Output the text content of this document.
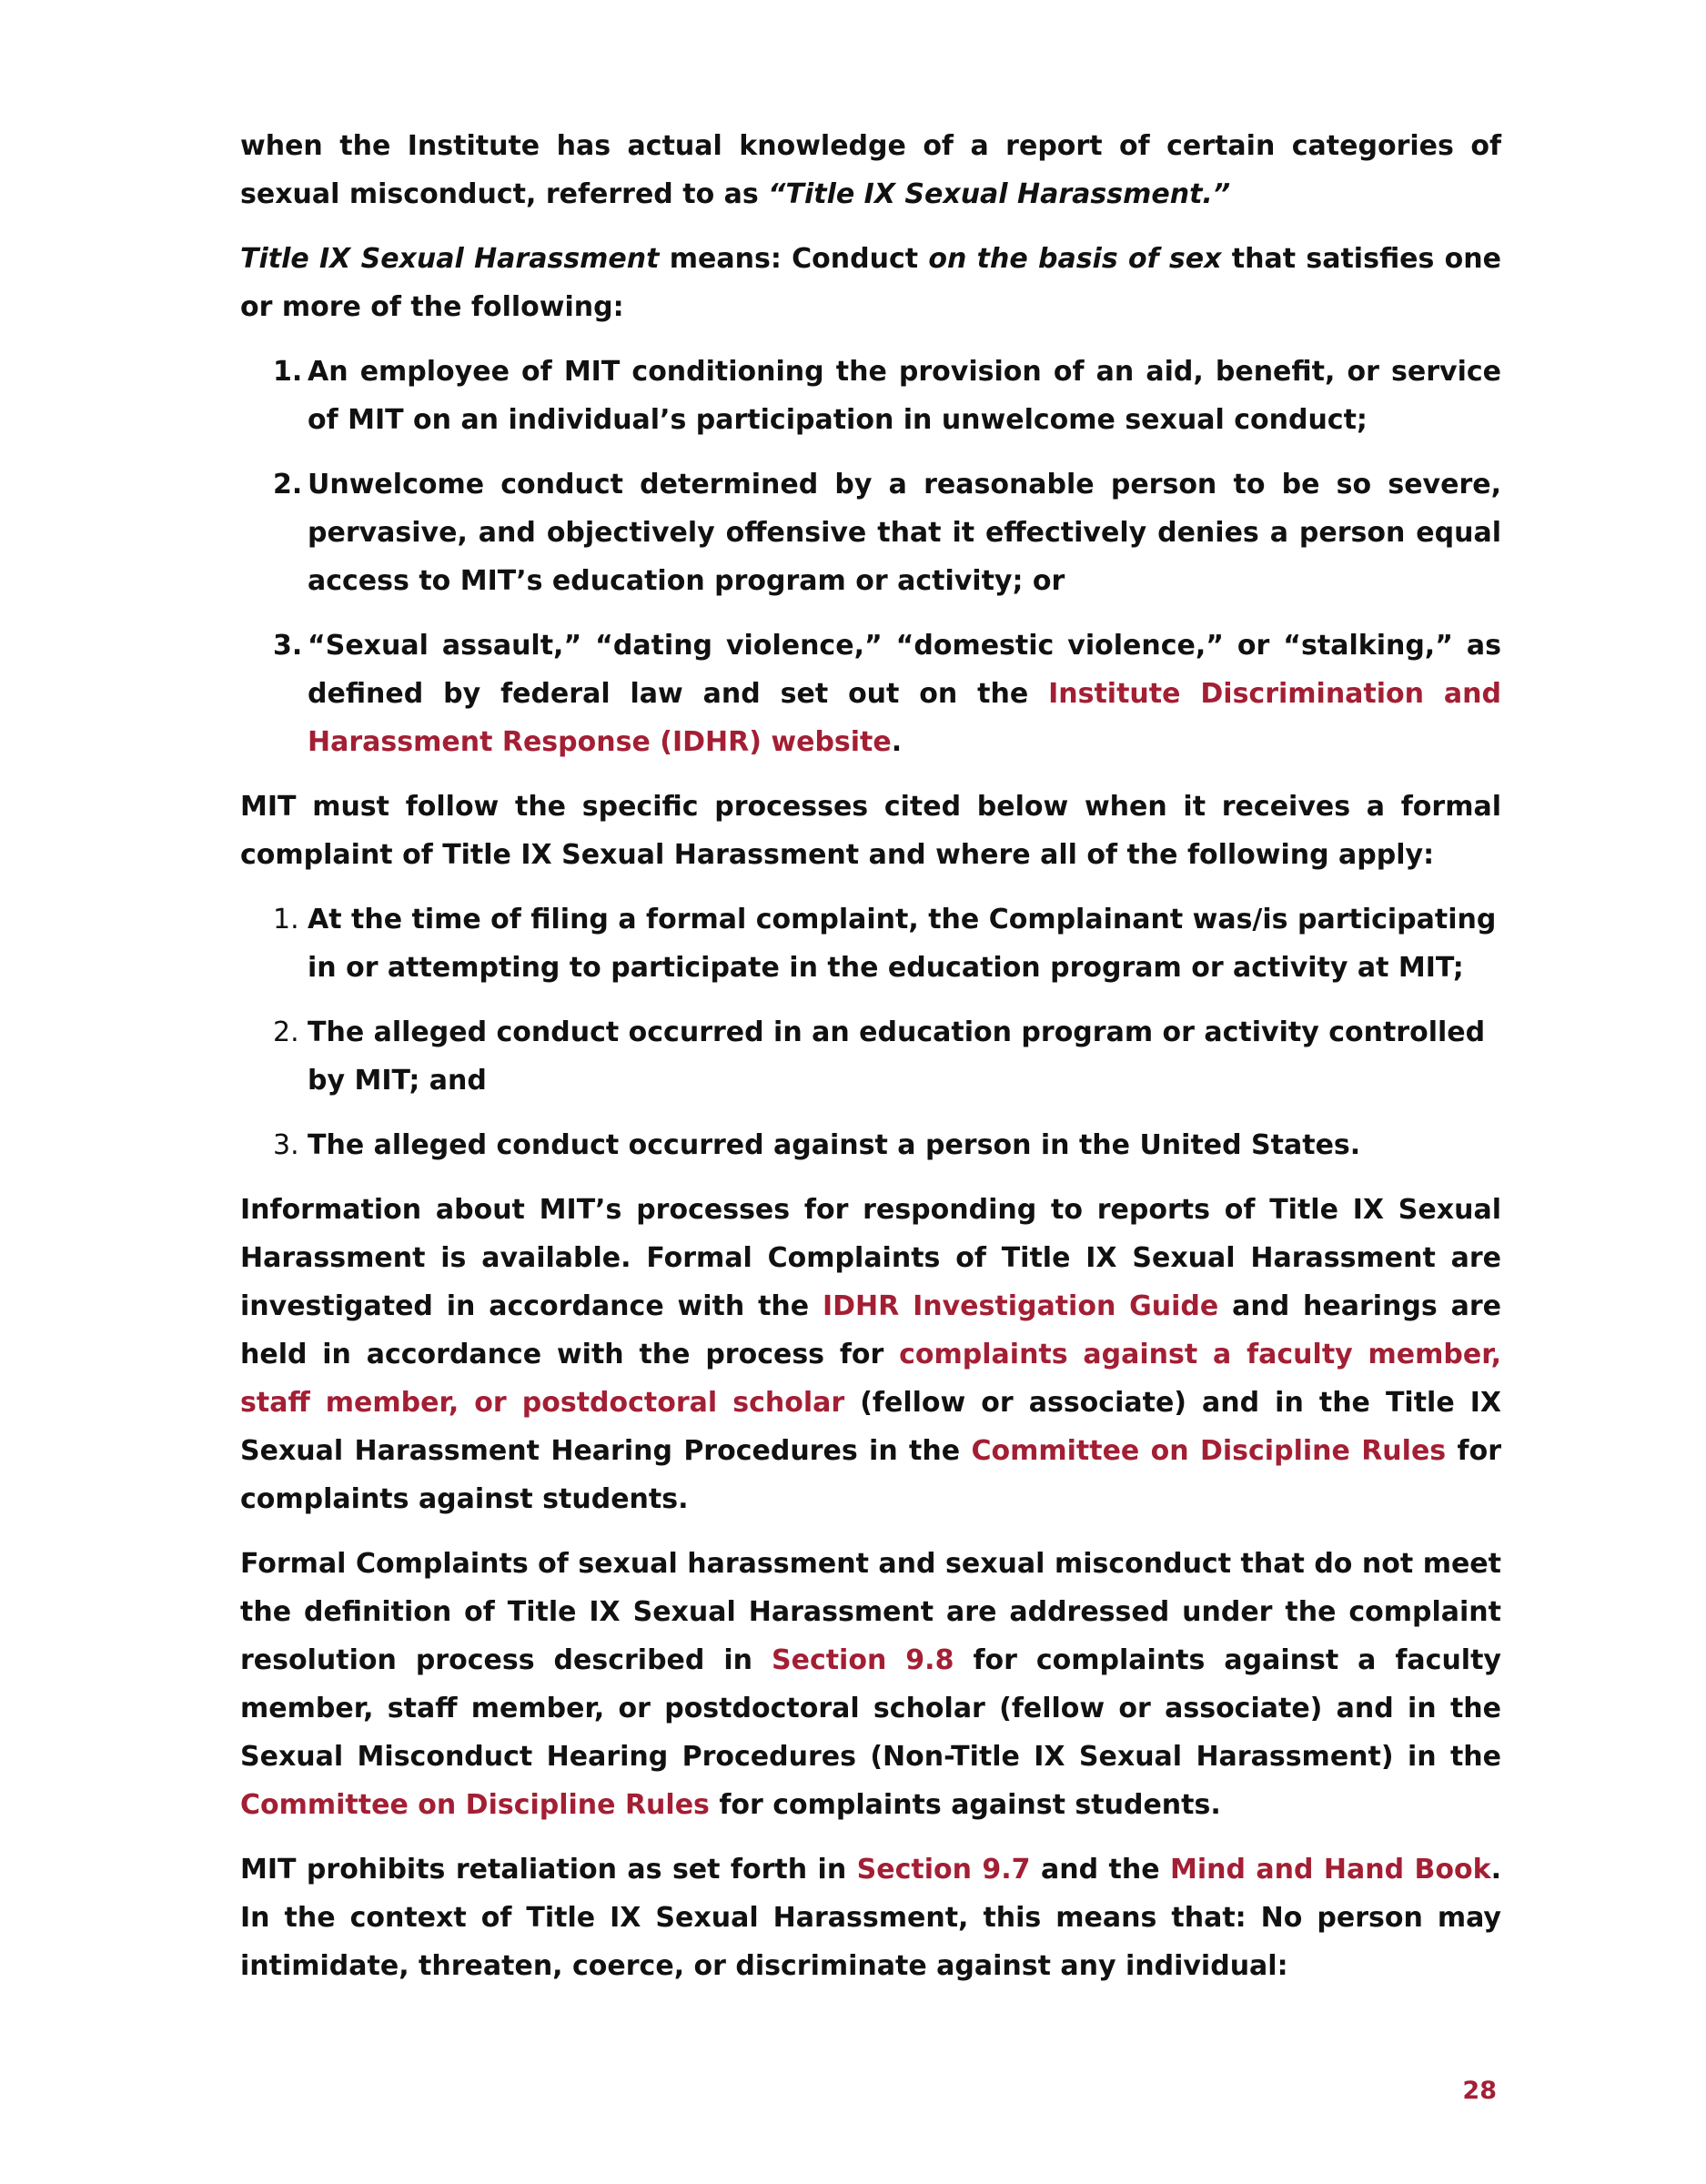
when the Institute has actual knowledge of a report of certain categories of sexual misconduct, referred to as “Title IX Sexual Harassment.”

Title IX Sexual Harassment means: Conduct on the basis of sex that satisfies one or more of the following:

1. An employee of MIT conditioning the provision of an aid, benefit, or service of MIT on an individual’s participation in unwelcome sexual conduct;
2. Unwelcome conduct determined by a reasonable person to be so severe, pervasive, and objectively offensive that it effectively denies a person equal access to MIT’s education program or activity; or
3. “Sexual assault,” “dating violence,” “domestic violence,” or “stalking,” as defined by federal law and set out on the Institute Discrimination and Harassment Response (IDHR) website.

MIT must follow the specific processes cited below when it receives a formal complaint of Title IX Sexual Harassment and where all of the following apply:

1. At the time of filing a formal complaint, the Complainant was/is participating in or attempting to participate in the education program or activity at MIT;
2. The alleged conduct occurred in an education program or activity controlled by MIT; and
3. The alleged conduct occurred against a person in the United States.

Information about MIT’s processes for responding to reports of Title IX Sexual Harassment is available. Formal Complaints of Title IX Sexual Harassment are investigated in accordance with the IDHR Investigation Guide and hearings are held in accordance with the process for complaints against a faculty member, staff member, or postdoctoral scholar (fellow or associate) and in the Title IX Sexual Harassment Hearing Procedures in the Committee on Discipline Rules for complaints against students.

Formal Complaints of sexual harassment and sexual misconduct that do not meet the definition of Title IX Sexual Harassment are addressed under the complaint resolution process described in Section 9.8 for complaints against a faculty member, staff member, or postdoctoral scholar (fellow or associate) and in the Sexual Misconduct Hearing Procedures (Non-Title IX Sexual Harassment) in the Committee on Discipline Rules for complaints against students.

MIT prohibits retaliation as set forth in Section 9.7 and the Mind and Hand Book. In the context of Title IX Sexual Harassment, this means that: No person may intimidate, threaten, coerce, or discriminate against any individual:

28
